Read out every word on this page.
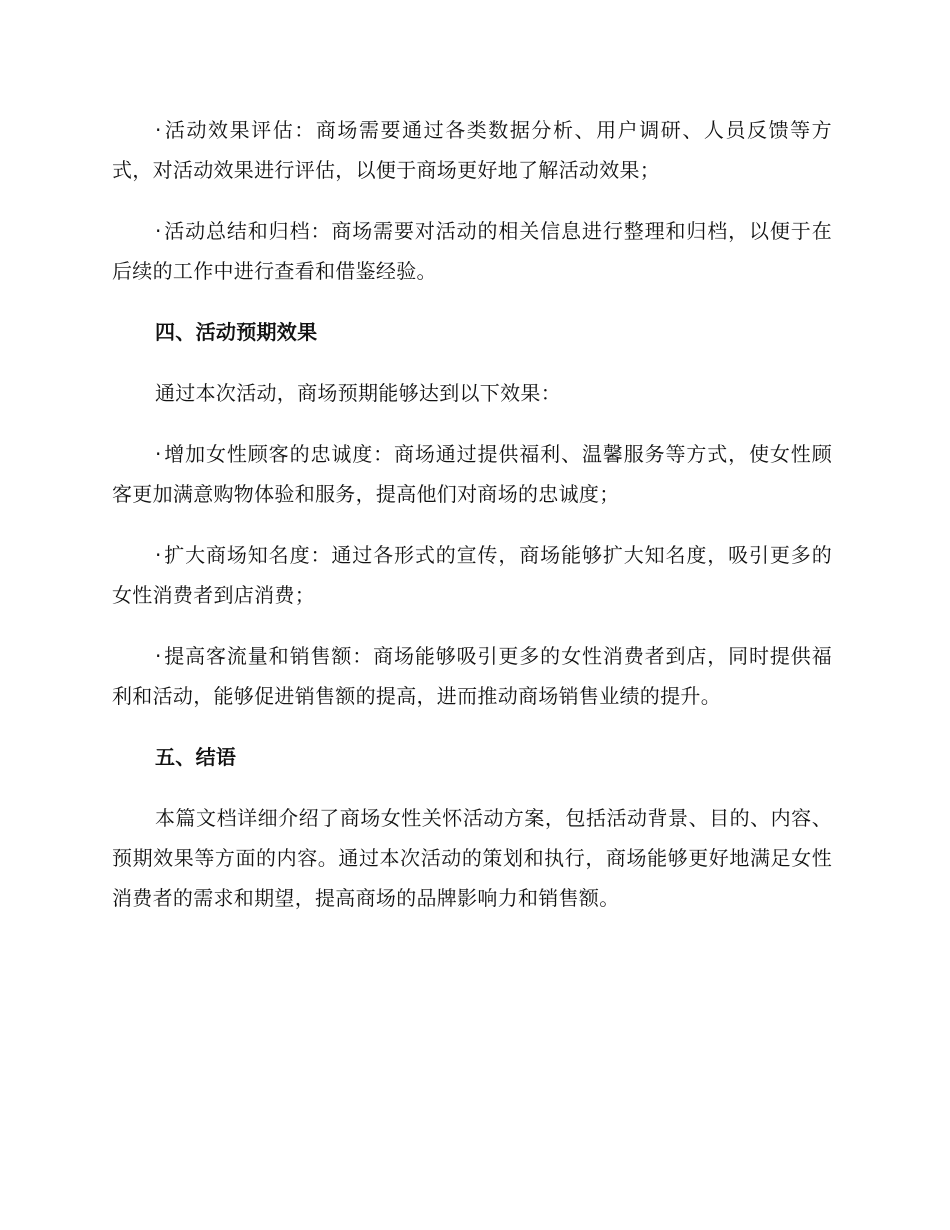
· 活动效果评估：商场需要通过各类数据分析、用户调研、人员反馈等方式，对活动效果进行评估，以便于商场更好地了解活动效果；

· 活动总结和归档：商场需要对活动的相关信息进行整理和归档，以便于在后续的工作中进行查看和借鉴经验。

四、活动预期效果

通过本次活动，商场预期能够达到以下效果：

· 增加女性顾客的忠诚度：商场通过提供福利、温馨服务等方式，使女性顾客更加满意购物体验和服务，提高他们对商场的忠诚度；

· 扩大商场知名度：通过各形式的宣传，商场能够扩大知名度，吸引更多的女性消费者到店消费；

· 提高客流量和销售额：商场能够吸引更多的女性消费者到店，同时提供福利和活动，能够促进销售额的提高，进而推动商场销售业绩的提升。

五、结语

本篇文档详细介绍了商场女性关怀活动方案，包括活动背景、目的、内容、预期效果等方面的内容。通过本次活动的策划和执行，商场能够更好地满足女性消费者的需求和期望，提高商场的品牌影响力和销售额。
